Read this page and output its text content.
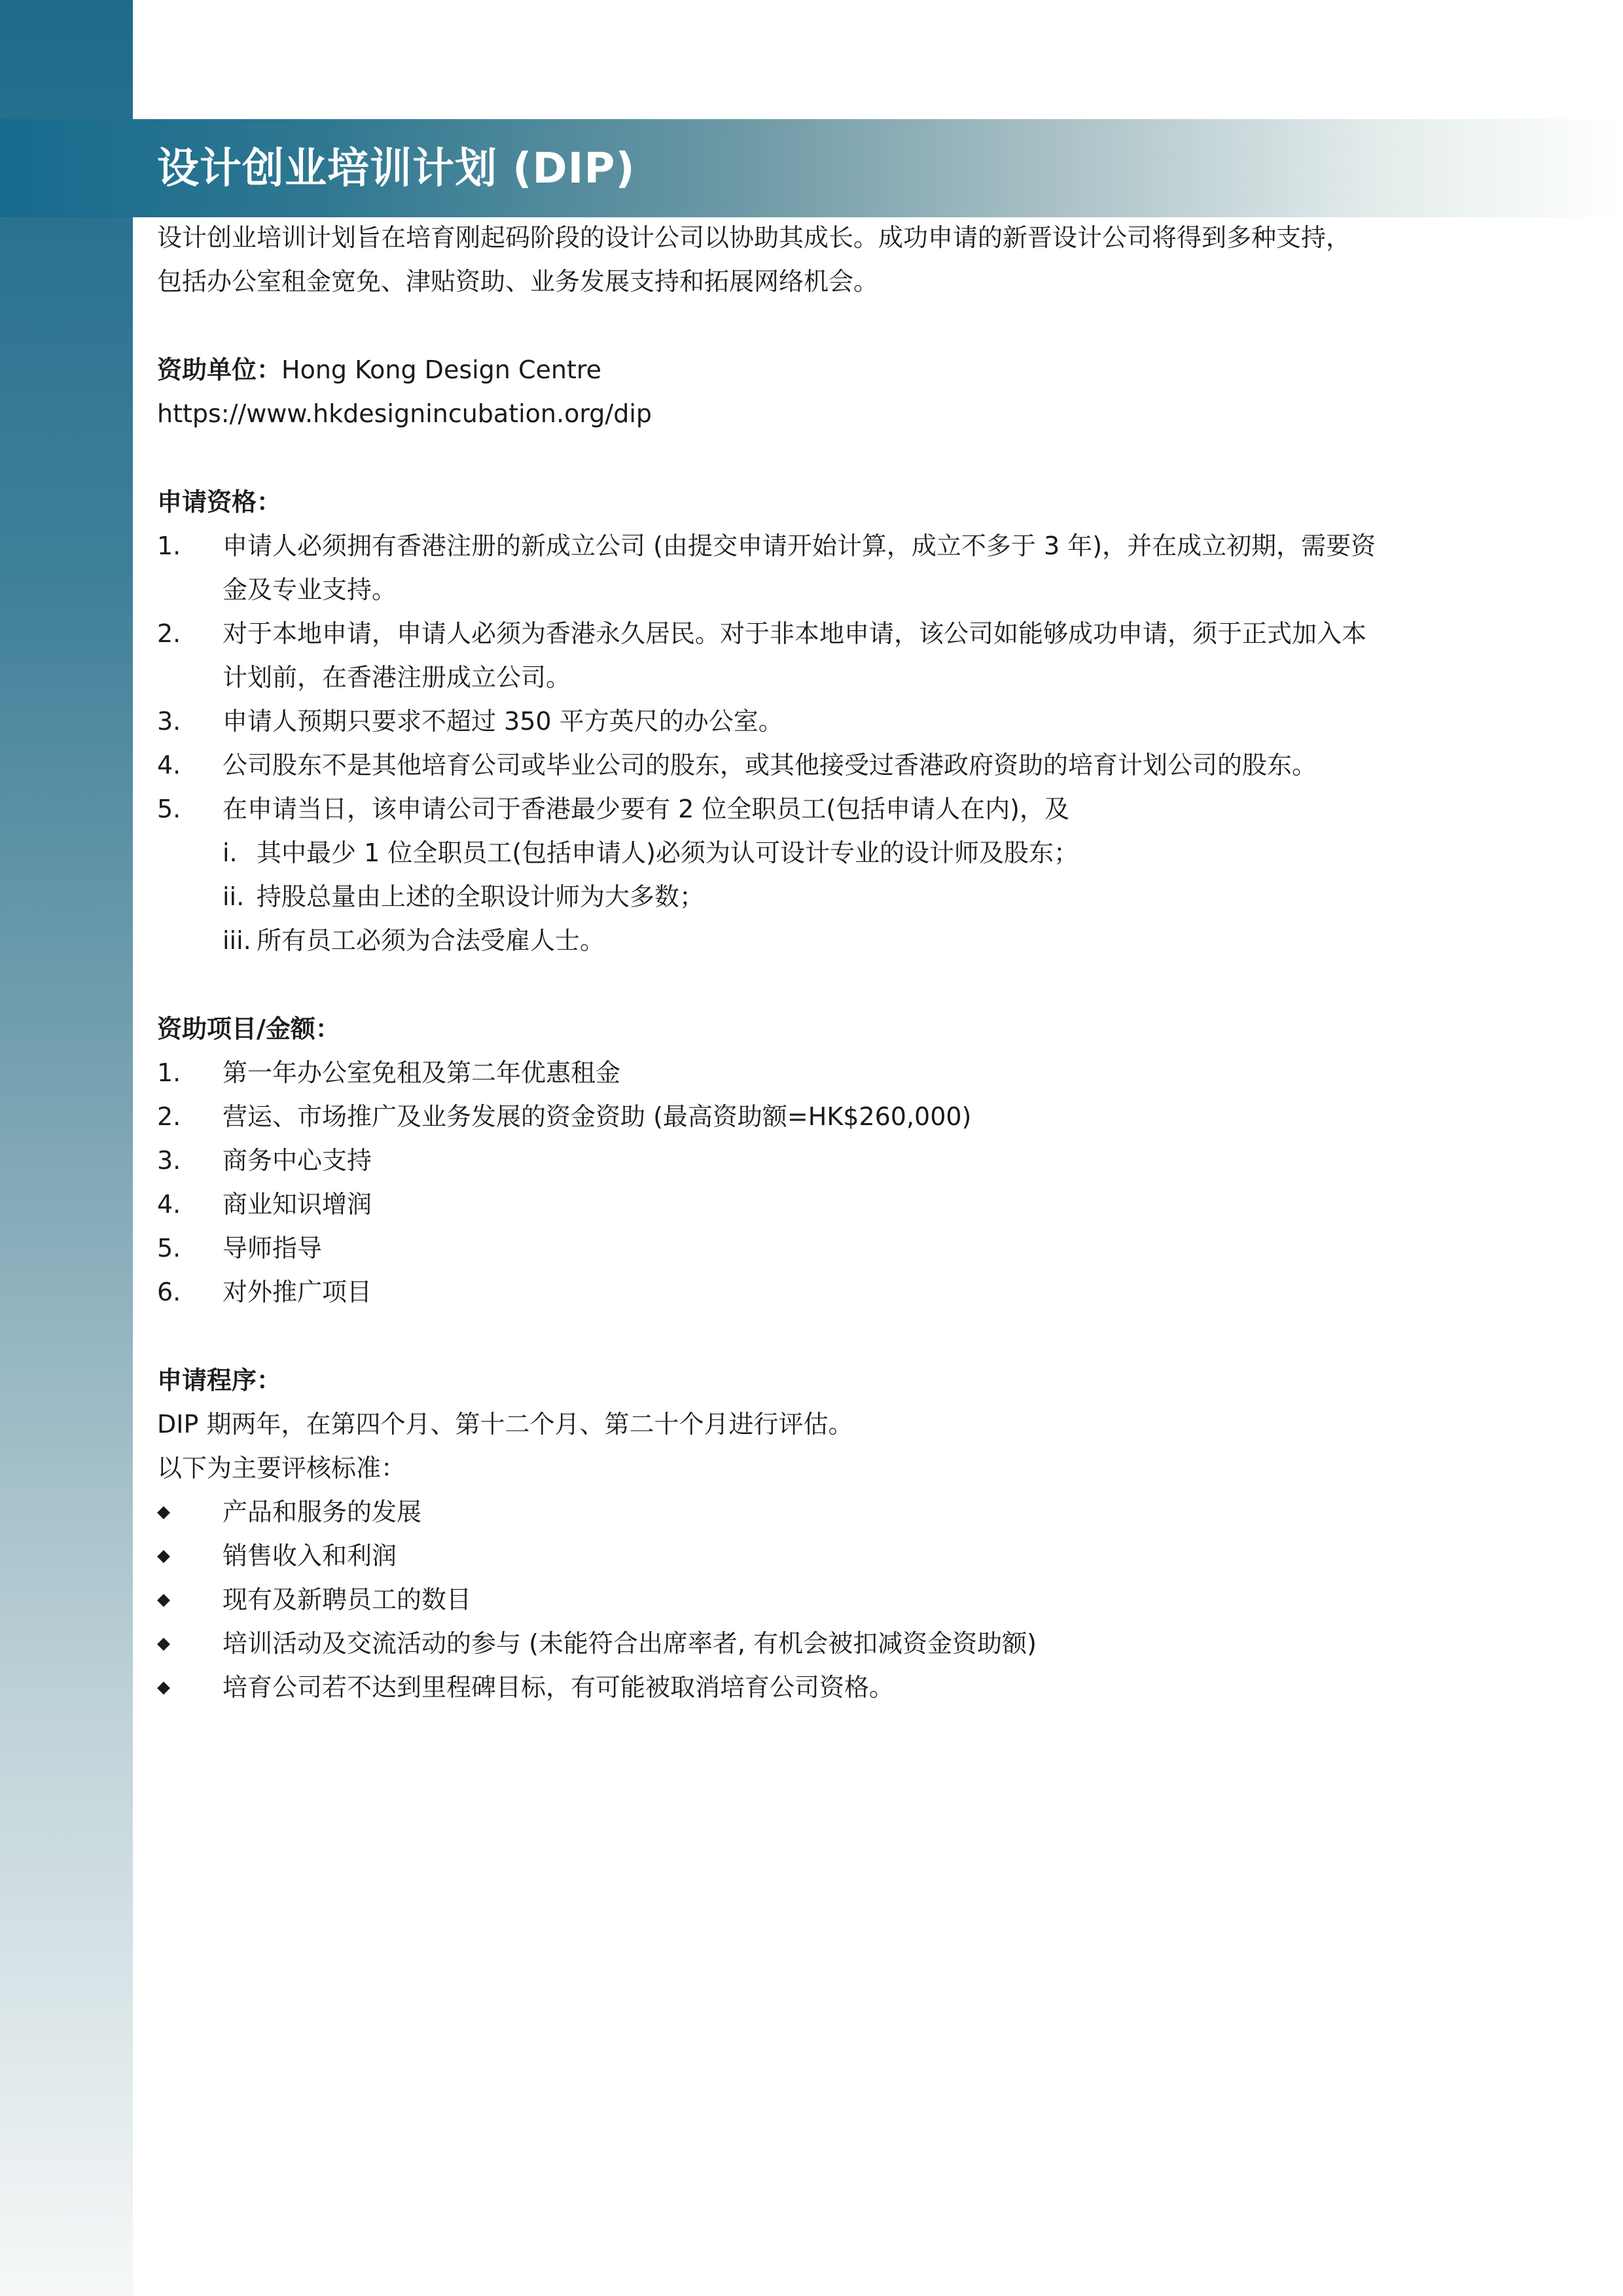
设计创业培训计划 (DIP)

设计创业培训计划旨在培育刚起码阶段的设计公司以协助其成长。成功申请的新晋设计公司将得到多种支持，

包括办公室租金宽免、津贴资助、业务发展支持和拓展网络机会。

资助单位：Hong Kong Design Centre

https://www.hkdesignincubation.org/dip

申请资格：

1.	申请人必须拥有香港注册的新成立公司 (由提交申请开始计算，成立不多于 3 年)，并在成立初期，需要资
金及专业支持。
2.	对于本地申请，申请人必须为香港永久居民。对于非本地申请，该公司如能够成功申请，须于正式加入本
计划前，在香港注册成立公司。
3.	申请人预期只要求不超过 350 平方英尺的办公室。
4.	公司股东不是其他培育公司或毕业公司的股东，或其他接受过香港政府资助的培育计划公司的股东。
5.	在申请当日，该申请公司于香港最少要有 2 位全职员工(包括申请人在内)，及
i. 其中最少 1 位全职员工(包括申请人)必须为认可设计专业的设计师及股东；
ii. 持股总量由上述的全职设计师为大多数；
iii. 所有员工必须为合法受雇人士。

资助项目/金额：

1.	第一年办公室免租及第二年优惠租金
2.	营运、市场推广及业务发展的资金资助 (最高资助额=HK$260,000)
3.	商务中心支持
4.	商业知识增润
5.	导师指导
6.	对外推广项目

申请程序：

DIP 期两年，在第四个月、第十二个月、第二十个月进行评估。

以下为主要评核标准：

◆	产品和服务的发展
◆	销售收入和利润
◆	现有及新聘员工的数目
◆	培训活动及交流活动的参与 (未能符合出席率者, 有机会被扣减资金资助额)
◆	培育公司若不达到里程碑目标，有可能被取消培育公司资格。
